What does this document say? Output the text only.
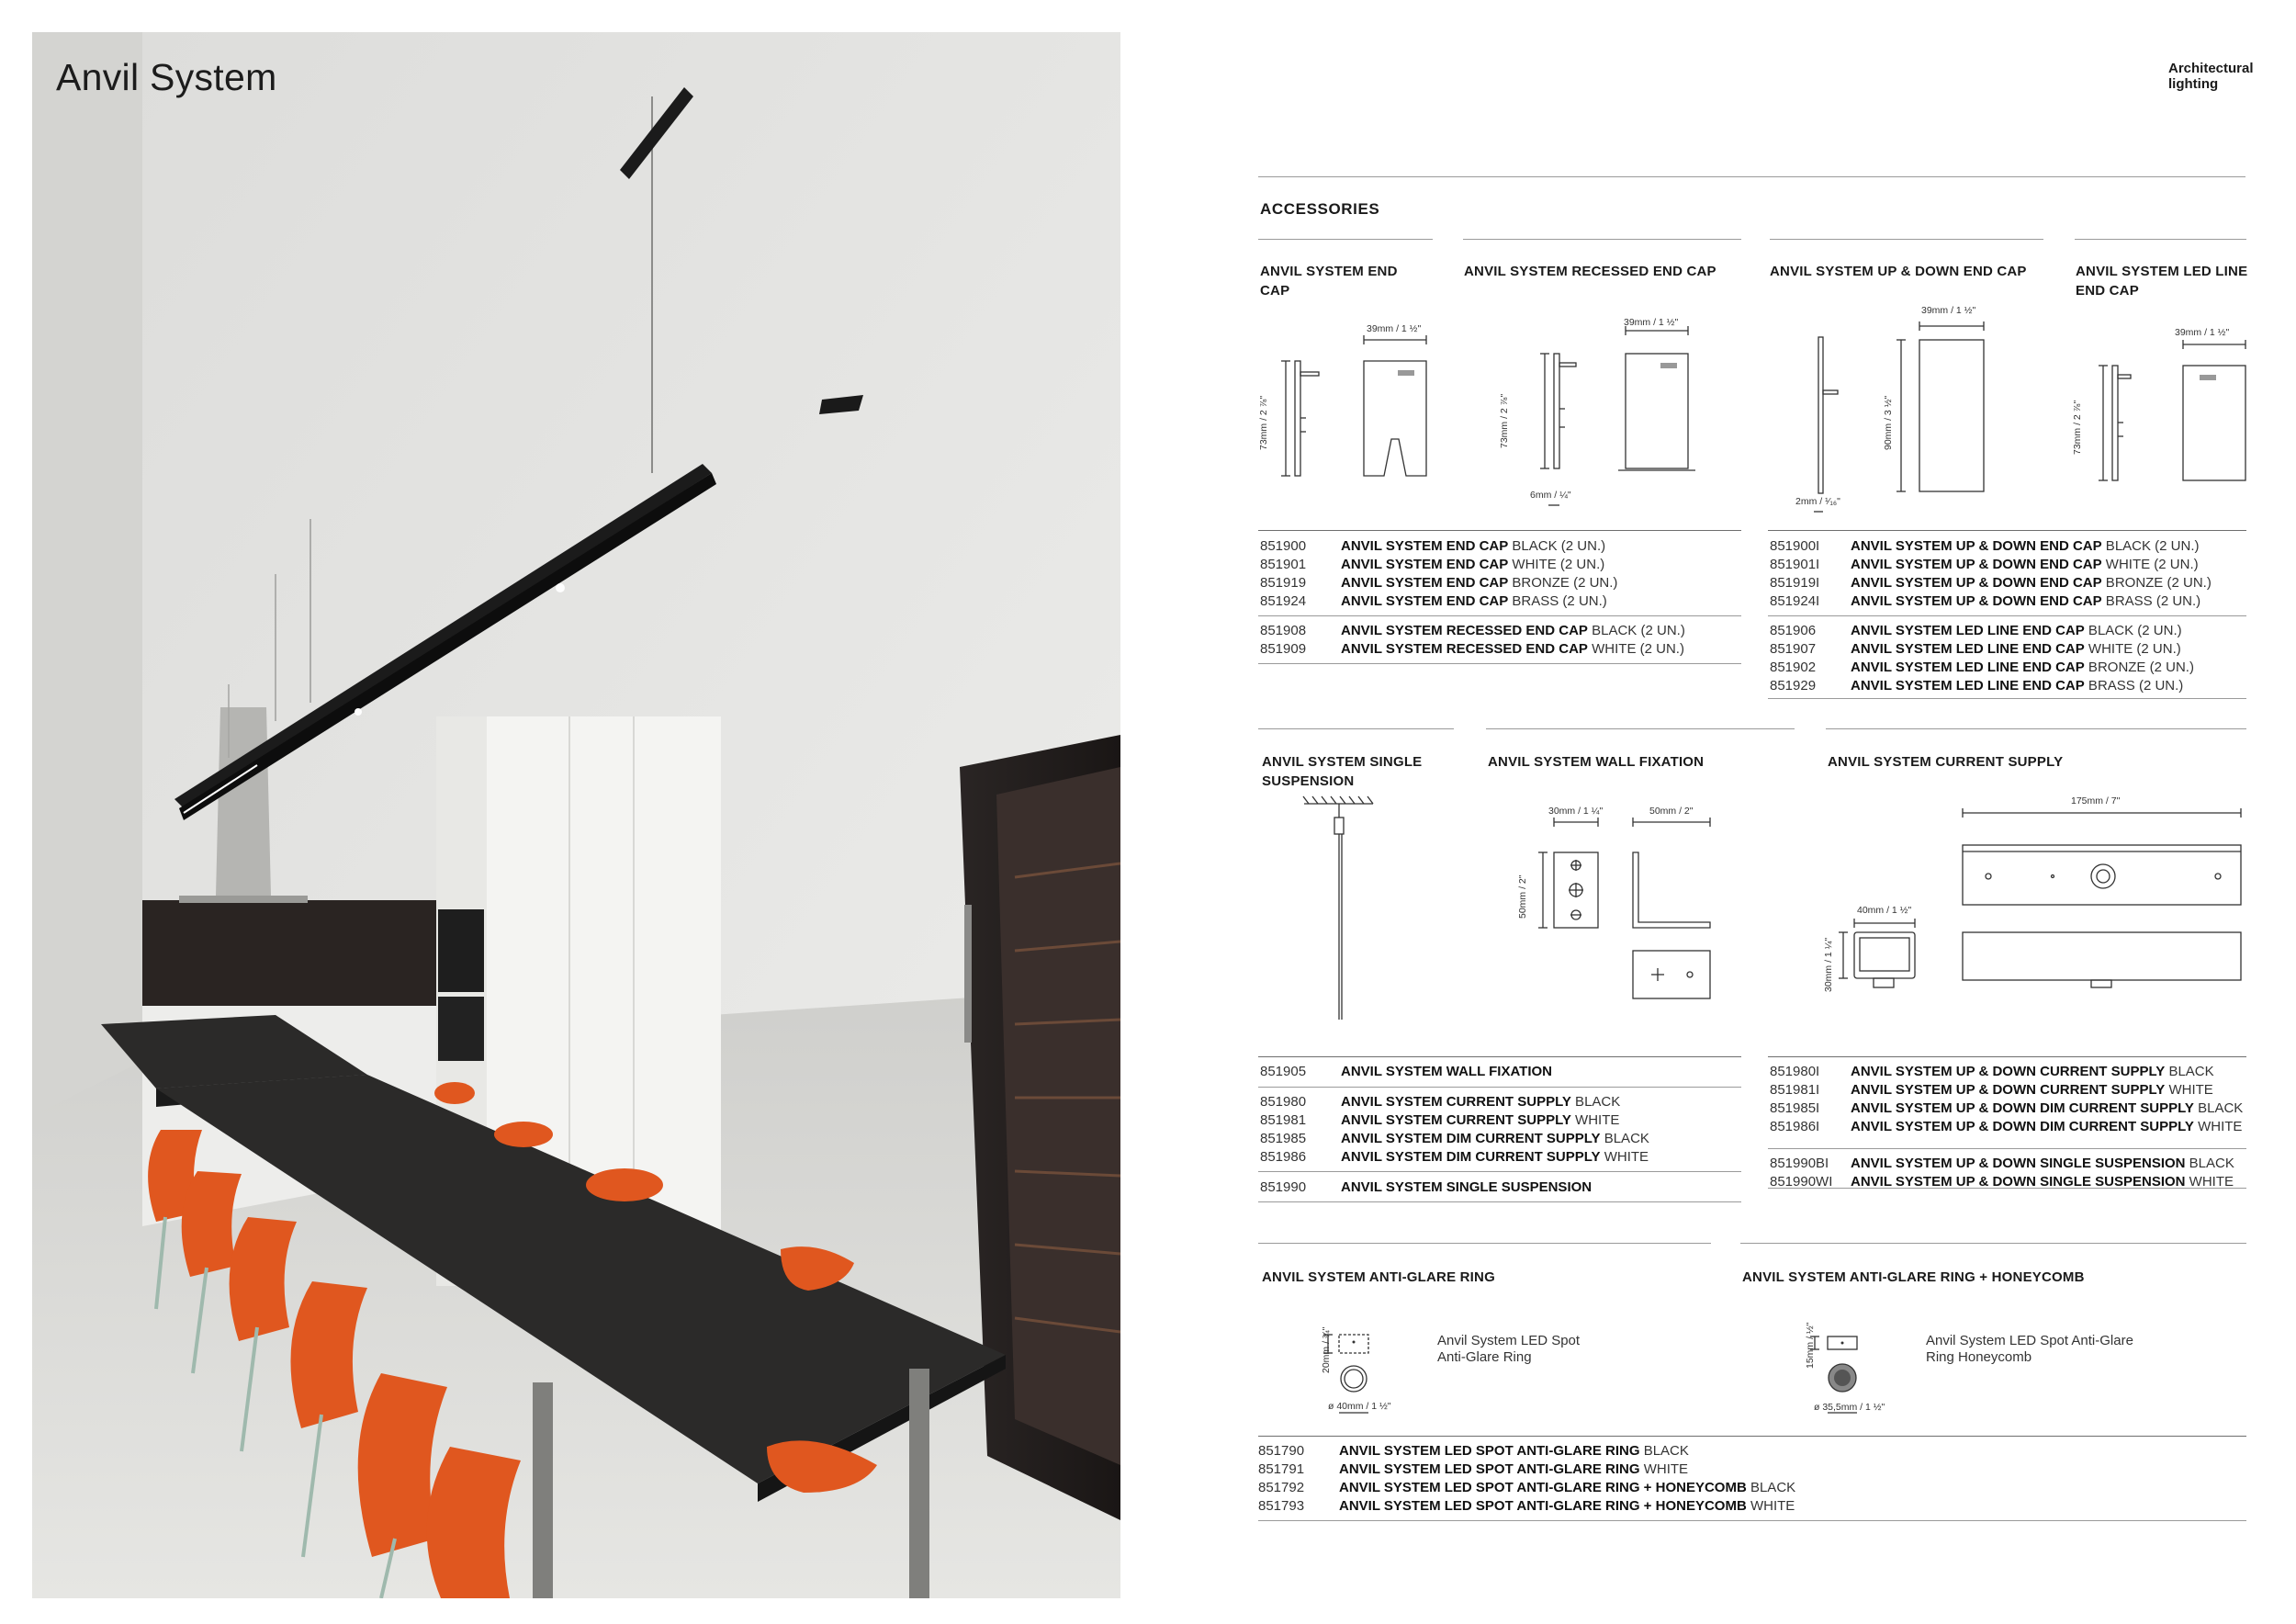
Anvil System	Architectural
lighting
ACCESSORIES
ANVIL SYSTEM END CAP
ANVIL SYSTEM RECESSED END CAP	ANVIL SYSTEM UP & DOWN END CAP	ANVIL SYSTEM LED LINE END CAP
39mm / 1 ½"
73mm / 2 ⅞"
39mm / 1 ½"
73mm / 2 ⅞"
6mm / ¼"
39mm / 1 ½"
90mm / 3 ½"
2mm / ¹⁄₁₆"
39mm / 1 ½"
73mm / 2 ⅞"
851900	ANVIL SYSTEM END CAP BLACK (2 UN.)
851901	ANVIL SYSTEM END CAP WHITE (2 UN.)
851919	ANVIL SYSTEM END CAP BRONZE (2 UN.)
851924	ANVIL SYSTEM END CAP BRASS (2 UN.)
851908	ANVIL SYSTEM RECESSED END CAP BLACK (2 UN.)
851909	ANVIL SYSTEM RECESSED END CAP WHITE (2 UN.)
851900I	ANVIL SYSTEM UP & DOWN END CAP BLACK (2 UN.)
851901I	ANVIL SYSTEM UP & DOWN END CAP WHITE (2 UN.)
851919I	ANVIL SYSTEM UP & DOWN END CAP BRONZE (2 UN.)
851924I	ANVIL SYSTEM UP & DOWN END CAP BRASS (2 UN.)
851906	ANVIL SYSTEM LED LINE END CAP BLACK (2 UN.)
851907	ANVIL SYSTEM LED LINE END CAP WHITE (2 UN.)
851902	ANVIL SYSTEM LED LINE END CAP BRONZE (2 UN.)
851929	ANVIL SYSTEM LED LINE END CAP BRASS (2 UN.)
ANVIL SYSTEM SINGLE SUSPENSION
ANVIL SYSTEM WALL FIXATION	ANVIL SYSTEM CURRENT SUPPLY
30mm / 1 ¼"	50mm / 2"
50mm / 2"
175mm / 7"
40mm / 1 ½"
30mm / 1 ¼"
851905	ANVIL SYSTEM WALL FIXATION
851980	ANVIL SYSTEM CURRENT SUPPLY BLACK
851981	ANVIL SYSTEM CURRENT SUPPLY WHITE
851985	ANVIL SYSTEM DIM CURRENT SUPPLY BLACK
851986	ANVIL SYSTEM DIM CURRENT SUPPLY WHITE
851990	ANVIL SYSTEM SINGLE SUSPENSION
851980I	ANVIL SYSTEM UP & DOWN CURRENT SUPPLY BLACK
851981I	ANVIL SYSTEM UP & DOWN CURRENT SUPPLY WHITE
851985I	ANVIL SYSTEM UP & DOWN DIM CURRENT SUPPLY BLACK
851986I	ANVIL SYSTEM UP & DOWN DIM CURRENT SUPPLY WHITE
851990BI	ANVIL SYSTEM UP & DOWN SINGLE SUSPENSION BLACK
851990WI	ANVIL SYSTEM UP & DOWN SINGLE SUSPENSION WHITE
ANVIL SYSTEM ANTI-GLARE RING	ANVIL SYSTEM ANTI-GLARE RING + HONEYCOMB
20mm / ¾"
ø 40mm / 1 ½"
Anvil System LED Spot
Anti-Glare Ring	15mm / ½"
ø 35,5mm / 1 ½"
Anvil System LED Spot Anti-Glare
Ring Honeycomb
851790	ANVIL SYSTEM LED SPOT ANTI-GLARE RING BLACK
851791	ANVIL SYSTEM LED SPOT ANTI-GLARE RING WHITE
851792	ANVIL SYSTEM LED SPOT ANTI-GLARE RING + HONEYCOMB BLACK
851793	ANVIL SYSTEM LED SPOT ANTI-GLARE RING + HONEYCOMB WHITE
